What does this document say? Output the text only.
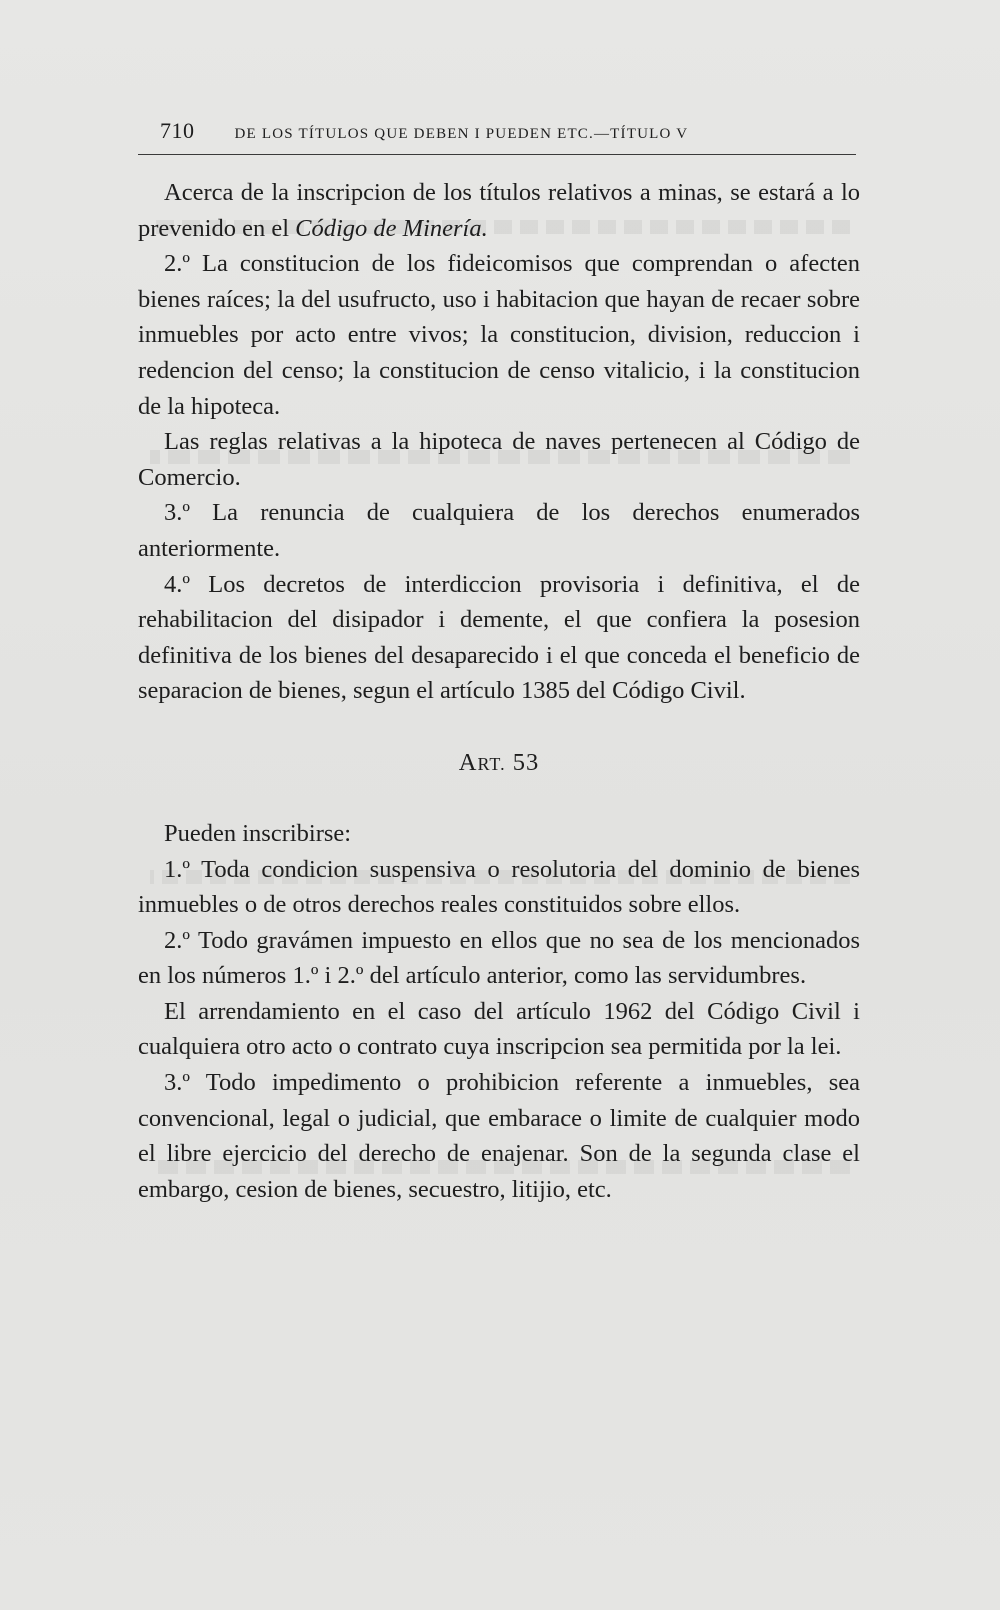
710	DE LOS TÍTULOS QUE DEBEN I PUEDEN ETC.—TÍTULO V

Acerca de la inscripcion de los títulos relativos a minas, se estará a lo prevenido en el Código de Minería.

2.º La constitucion de los fideicomisos que comprendan o afecten bienes raíces; la del usufructo, uso i habitacion que hayan de recaer sobre inmuebles por acto entre vivos; la constitucion, division, reduccion i redencion del censo; la constitucion de censo vitalicio, i la constitucion de la hipoteca.

Las reglas relativas a la hipoteca de naves pertenecen al Código de Comercio.

3.º La renuncia de cualquiera de los derechos enumerados anteriormente.

4.º Los decretos de interdiccion provisoria i definitiva, el de rehabilitacion del disipador i demente, el que confiera la posesion definitiva de los bienes del desaparecido i el que conceda el beneficio de separacion de bienes, segun el artículo 1385 del Código Civil.

ART. 53

Pueden inscribirse:

1.º Toda condicion suspensiva o resolutoria del dominio de bienes inmuebles o de otros derechos reales constituidos sobre ellos.

2.º Todo gravámen impuesto en ellos que no sea de los mencionados en los números 1.º i 2.º del artículo anterior, como las servidumbres.

El arrendamiento en el caso del artículo 1962 del Código Civil i cualquiera otro acto o contrato cuya inscripcion sea permitida por la lei.

3.º Todo impedimento o prohibicion referente a inmuebles, sea convencional, legal o judicial, que embarace o limite de cualquier modo el libre ejercicio del derecho de enajenar. Son de la segunda clase el embargo, cesion de bienes, secuestro, litijio, etc.
